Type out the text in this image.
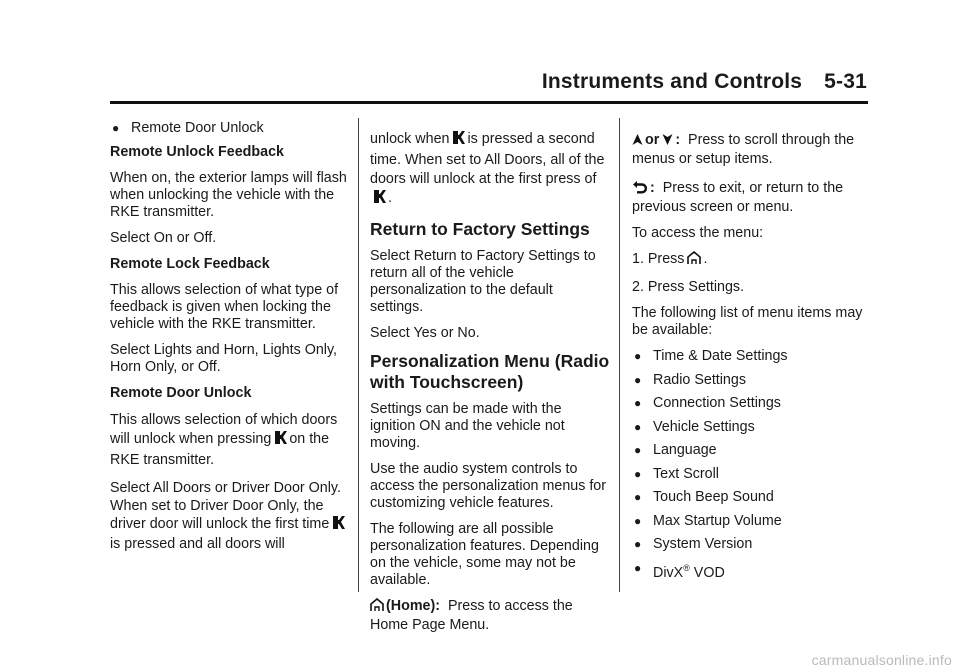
Instruments and Controls 5-31
● Remote Door Unlock

Remote Unlock Feedback

When on, the exterior lamps will flash when unlocking the vehicle with the RKE transmitter.

Select On or Off.

Remote Lock Feedback

This allows selection of what type of feedback is given when locking the vehicle with the RKE transmitter.

Select Lights and Horn, Lights Only, Horn Only, or Off.

Remote Door Unlock

This allows selection of which doors will unlock when pressing on the RKE transmitter.

Select All Doors or Driver Door Only. When set to Driver Door Only, the driver door will unlock the first timeis pressed and all doors will

unlock when is pressed a second time. When set to All Doors, all of the doors will unlock at the first press of.

Return to Factory Settings

Select Return to Factory Settings to return all of the vehicle personalization to the default settings.

Select Yes or No.

Personalization Menu (Radio with Touchscreen)

Settings can be made with the ignition ON and the vehicle not moving.

Use the audio system controls to access the personalization menus for customizing vehicle features.

The following are all possible personalization features. Depending on the vehicle, some may not be available.

(Home): Press to access the Home Page Menu.

or : Press to scroll through the menus or setup items.

: Press to exit, or return to the previous screen or menu.

To access the menu:

1. Press .

2. Press Settings.

The following list of menu items may be available:

● Time & Date Settings
● Radio Settings
● Connection Settings
● Vehicle Settings
● Language
● Text Scroll
● Touch Beep Sound
● Max Startup Volume
● System Version
● DivX® VOD
carmanualsonline.info
